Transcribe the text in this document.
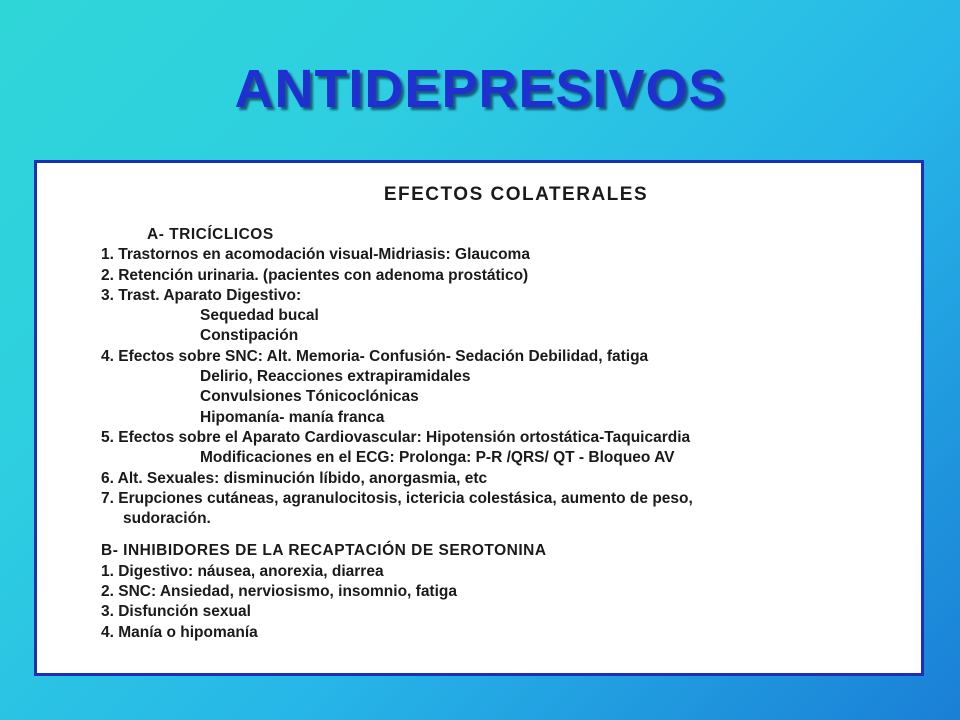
ANTIDEPRESIVOS
EFECTOS COLATERALES
A- TRICÍCLICOS
1. Trastornos en acomodación visual-Midriasis: Glaucoma
2. Retención urinaria. (pacientes con adenoma prostático)
3. Trast. Aparato Digestivo:
Sequedad bucal
Constipación
4. Efectos sobre SNC: Alt. Memoria- Confusión- Sedación Debilidad, fatiga
Delirio, Reacciones extrapiramidales
Convulsiones Tónicoclónicas
Hipomanía- manía franca
5. Efectos sobre el Aparato Cardiovascular: Hipotensión ortostática-Taquicardia
Modificaciones en el ECG: Prolonga: P-R /QRS/ QT - Bloqueo AV
6. Alt. Sexuales: disminución líbido, anorgasmia, etc
7. Erupciones cutáneas, agranulocitosis, ictericia colestásica, aumento de peso,
sudoración.
B- INHIBIDORES DE LA RECAPTACIÓN DE SEROTONINA
1. Digestivo: náusea, anorexia, diarrea
2. SNC: Ansiedad, nerviosismo, insomnio, fatiga
3. Disfunción sexual
4. Manía o hipomanía
